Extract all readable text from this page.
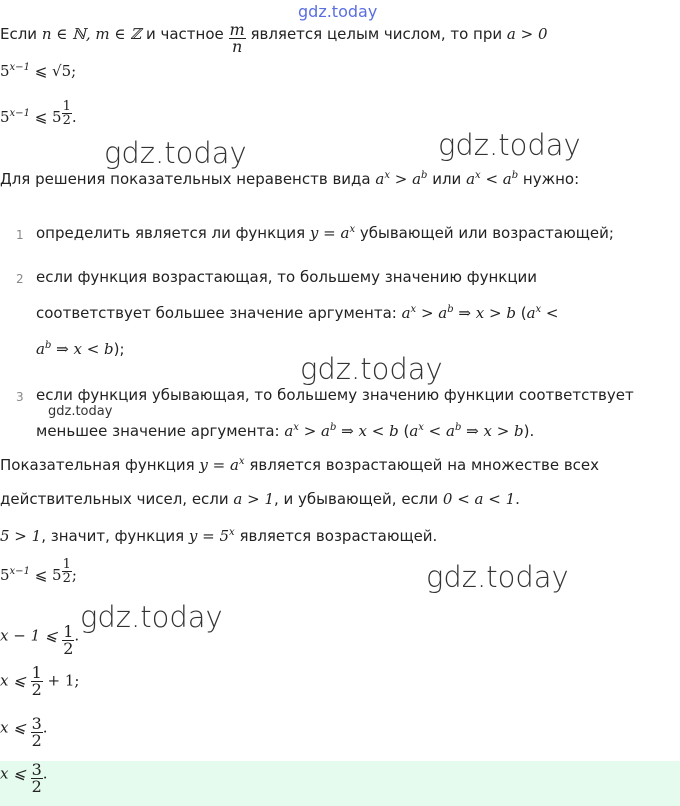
gdz.today
Если n ∈ ℕ, m ∈ ℤ и частное $\frac{m}{n}$ является целым числом, то при a > 0
$5^{x-1}$ ⩽ √5;
$5^{x-1}$ ⩽ 5 $^{\frac{1}{2}}$ .
gdz.today	gdz.today
Для решения показательных неравенств вида $a^x > a^b$ или $a^x < a^b$ нужно:
1 определить является ли функция $y = a^x$ убывающей или возрастающей;
2 если функция возрастающая, то большему значению функции
соответствует большее значение аргумента: $a^x > a^b$ ⇒ x > b ($a^x$ <
$a^b$ ⇒ x < b);
gdz.today
3 если функция убывающая, то большему значению функции соответствует
меньшее значение аргумента: $a^x > a^b$ ⇒ x < b ($a^x < a^b$ ⇒ x > b).
gdz.today
Показательная функция $y = a^x$ является возрастающей на множестве всех
действительных чисел, если a > 1, и убывающей, если 0 < a < 1.
5 > 1, значит, функция $y = 5^x$ является возрастающей.
$5^{x-1}$ ⩽ 5 $^{\frac{1}{2}}$ ;	gdz.today
gdz.today
x − 1 ⩽ $\frac{1}{2}$ .
x ⩽ $\frac{1}{2} + 1$;
x ⩽ $\frac{3}{2}$ .
x ⩽ $\frac{3}{2}$ .
